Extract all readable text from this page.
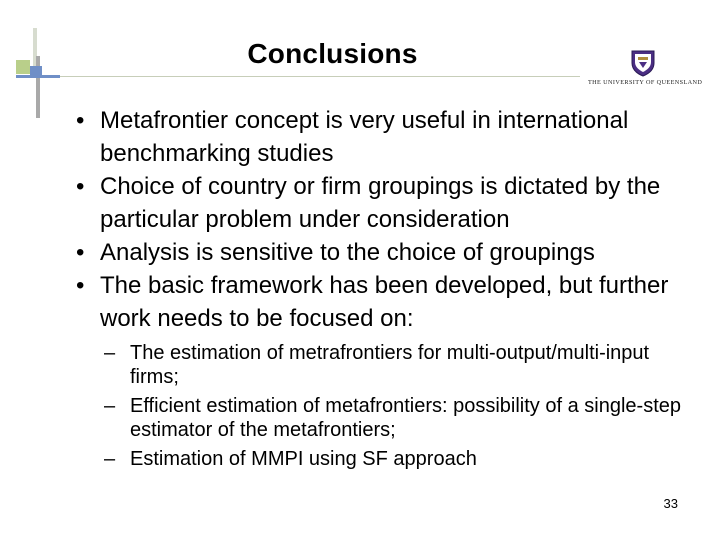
Conclusions
THE UNIVERSITY OF QUEENSLAND
• Metafrontier concept is very useful in international benchmarking studies
• Choice of country or firm groupings is dictated by the particular problem under consideration
• Analysis is sensitive to the choice of groupings
• The basic framework has been developed, but further work needs to be focused on:
– The estimation of metrafrontiers for multi-output/multi-input firms;
– Efficient estimation of metafrontiers: possibility of a single-step estimator of the metafrontiers;
– Estimation of MMPI using SF approach
33
